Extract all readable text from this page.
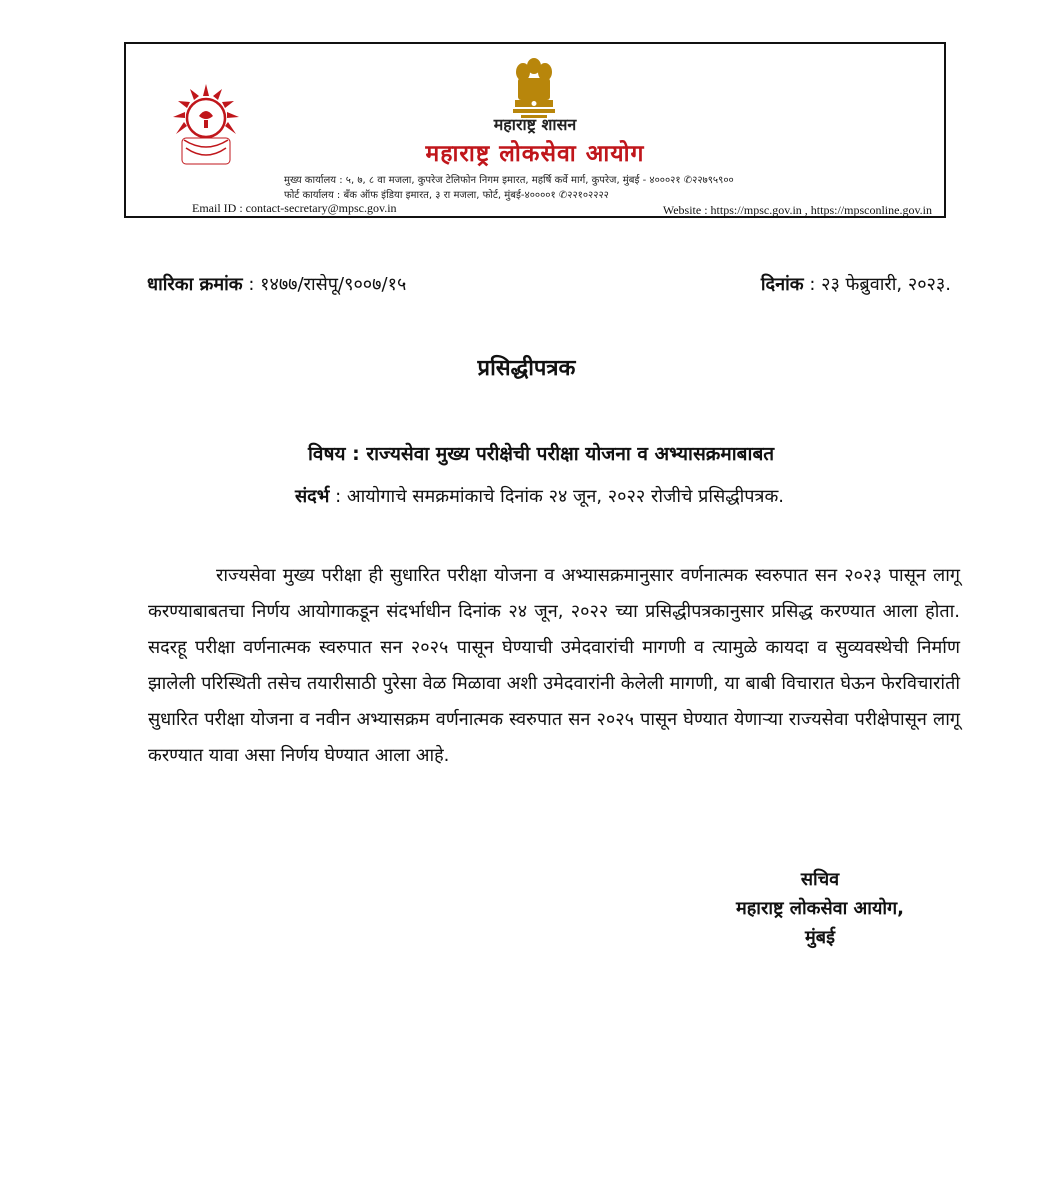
महाराष्ट्र शासन
महाराष्ट्र लोकसेवा आयोग
मुख्य कार्यालय : ५, ७, ८ वा मजला, कुपरेज टेलिफोन निगम इमारत, महर्षि कर्वे मार्ग, कुपरेज, मुंबई - ४०००२१ ✆२२७९५९००
फोर्ट कार्यालय : बँक ऑफ इंडिया इमारत, ३ रा मजला, फोर्ट, मुंबई-४००००१ ✆२२१०२२२२
Email ID : contact-secretary@mpsc.gov.in	Website : https://mpsc.gov.in , https://mpsconline.gov.in
धारिका क्रमांक : १४७७/रासेपू/९००७/१५	दिनांक : २३ फेब्रुवारी, २०२३.
प्रसिद्धीपत्रक
विषय : राज्यसेवा मुख्य परीक्षेची परीक्षा योजना व अभ्यासक्रमाबाबत
संदर्भ : आयोगाचे समक्रमांकाचे दिनांक २४ जून, २०२२ रोजीचे प्रसिद्धीपत्रक.

राज्यसेवा मुख्य परीक्षा ही सुधारित परीक्षा योजना व अभ्यासक्रमानुसार वर्णनात्मक स्वरुपात सन २०२३ पासून लागू करण्याबाबतचा निर्णय आयोगाकडून संदर्भाधीन दिनांक २४ जून, २०२२ च्या प्रसिद्धीपत्रकानुसार प्रसिद्ध करण्यात आला होता. सदरहू परीक्षा वर्णनात्मक स्वरुपात सन २०२५ पासून घेण्याची उमेदवारांची मागणी व त्यामुळे कायदा व सुव्यवस्थेची निर्माण झालेली परिस्थिती तसेच तयारीसाठी पुरेसा वेळ मिळावा अशी उमेदवारांनी केलेली मागणी, या बाबी विचारात घेऊन फेरविचारांती सुधारित परीक्षा योजना व नवीन अभ्यासक्रम वर्णनात्मक स्वरुपात सन २०२५ पासून घेण्यात येणाऱ्या राज्यसेवा परीक्षेपासून लागू करण्यात यावा असा निर्णय घेण्यात आला आहे.

सचिव
महाराष्ट्र लोकसेवा आयोग,
मुंबई
